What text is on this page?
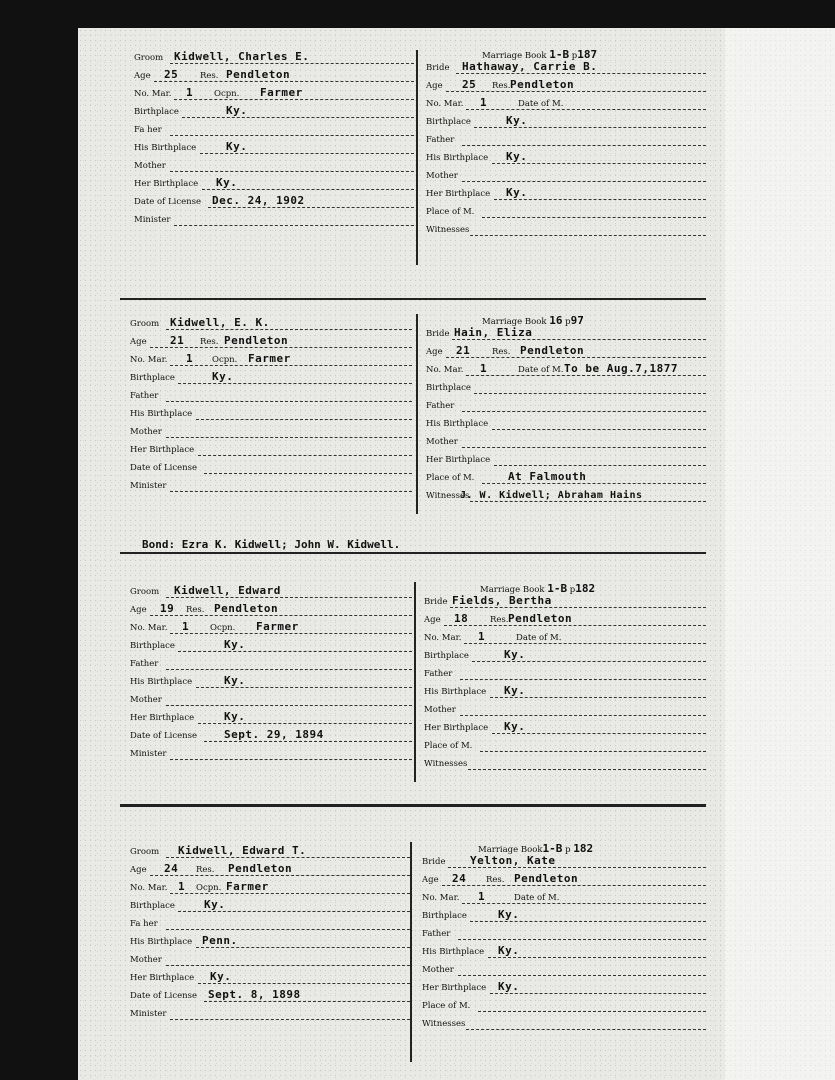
Groom Kidwell, Charles E.
Age 25	Res. Pendleton
No. Mar. 1 Ocpn. Farmer
Birthplace	Ky.
Fa her
His Birthplace	Ky.
Mother
Her Birthplace Ky.
Date of License Dec. 24, 1902
Minister
Marriage Book 1-B p187
Bride Hathaway, Carrie B.
Age 25 Res. Pendleton
No. Mar. 1	Date of M.
Birthplace	Ky.
Father
His Birthplace Ky.
Mother
Her Birthplace Ky.
Place of M.
Witnesses
Groom Kidwell, E. K.
Age 21 Res. Pendleton
No. Mar. 1 Ocpn. Farmer
Birthplace	Ky.
Father
His Birthplace
Mother
Her Birthplace
Date of License
Minister
Marriage Book 16 p97
Bride Hain, Eliza
Age 21	Res. Pendleton
No. Mar. 1	Date of M. To be Aug.7,1877
Birthplace
Father
His Birthplace
Mother
Her Birthplace
Place of M.	At Falmouth
Witnesses
J. W. Kidwell; Abraham Hains
Bond: Ezra K. Kidwell; John W. Kidwell.
Groom Kidwell, Edward
Age 19 Res. Pendleton
No. Mar. 1 Ocpn. Farmer
Birthplace	Ky.
Father
His Birthplace	Ky.
Mother
Her Birthplace	Ky.
Date of License Sept. 29, 1894
Minister
Marriage Book 1-B p182
Bride Fields, Bertha
Age 18	Res. Pendleton
No. Mar. 1	Date of M.
Birthplace	Ky.
Father
His Birthplace Ky.
Mother
Her Birthplace Ky.
Place of M.
Witnesses
Groom Kidwell, Edward T.
Age 24 Res. Pendleton
No. Mar. 1 Ocpn. Farmer
Birthplace	Ky.
Fa her
His Birthplace Penn.
Mother
Her Birthplace Ky.
Date of License Sept. 8, 1898
Minister
Marriage Book1-B p 182
Bride Yelton, Kate
Age 24 Res. Pendleton
No. Mar. 1	Date of M.
Birthplace	Ky.
Father
His Birthplace Ky.
Mother
Her Birthplace Ky.
Place of M.
Witnesses
